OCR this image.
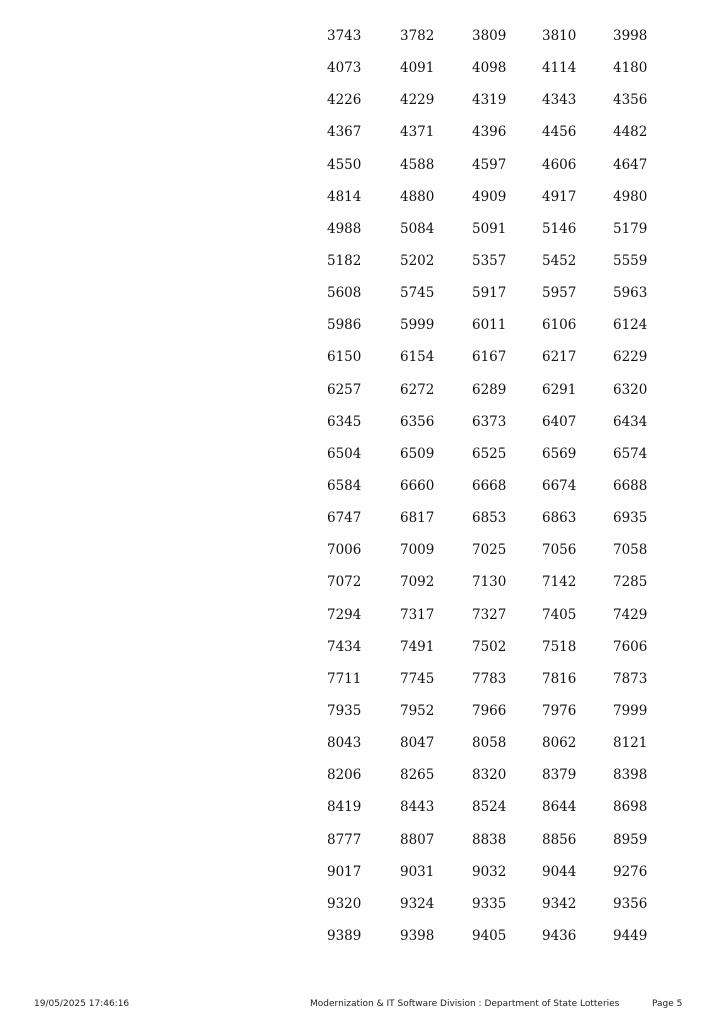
3743	3782	3809	3810	3998
4073	4091	4098	4114	4180
4226	4229	4319	4343	4356
4367	4371	4396	4456	4482
4550	4588	4597	4606	4647
4814	4880	4909	4917	4980
4988	5084	5091	5146	5179
5182	5202	5357	5452	5559
5608	5745	5917	5957	5963
5986	5999	6011	6106	6124
6150	6154	6167	6217	6229
6257	6272	6289	6291	6320
6345	6356	6373	6407	6434
6504	6509	6525	6569	6574
6584	6660	6668	6674	6688
6747	6817	6853	6863	6935
7006	7009	7025	7056	7058
7072	7092	7130	7142	7285
7294	7317	7327	7405	7429
7434	7491	7502	7518	7606
7711	7745	7783	7816	7873
7935	7952	7966	7976	7999
8043	8047	8058	8062	8121
8206	8265	8320	8379	8398
8419	8443	8524	8644	8698
8777	8807	8838	8856	8959
9017	9031	9032	9044	9276
9320	9324	9335	9342	9356
9389	9398	9405	9436	9449
19/05/2025 17:46:16	Modernization & IT Software Division : Department of State Lotteries	Page 5
